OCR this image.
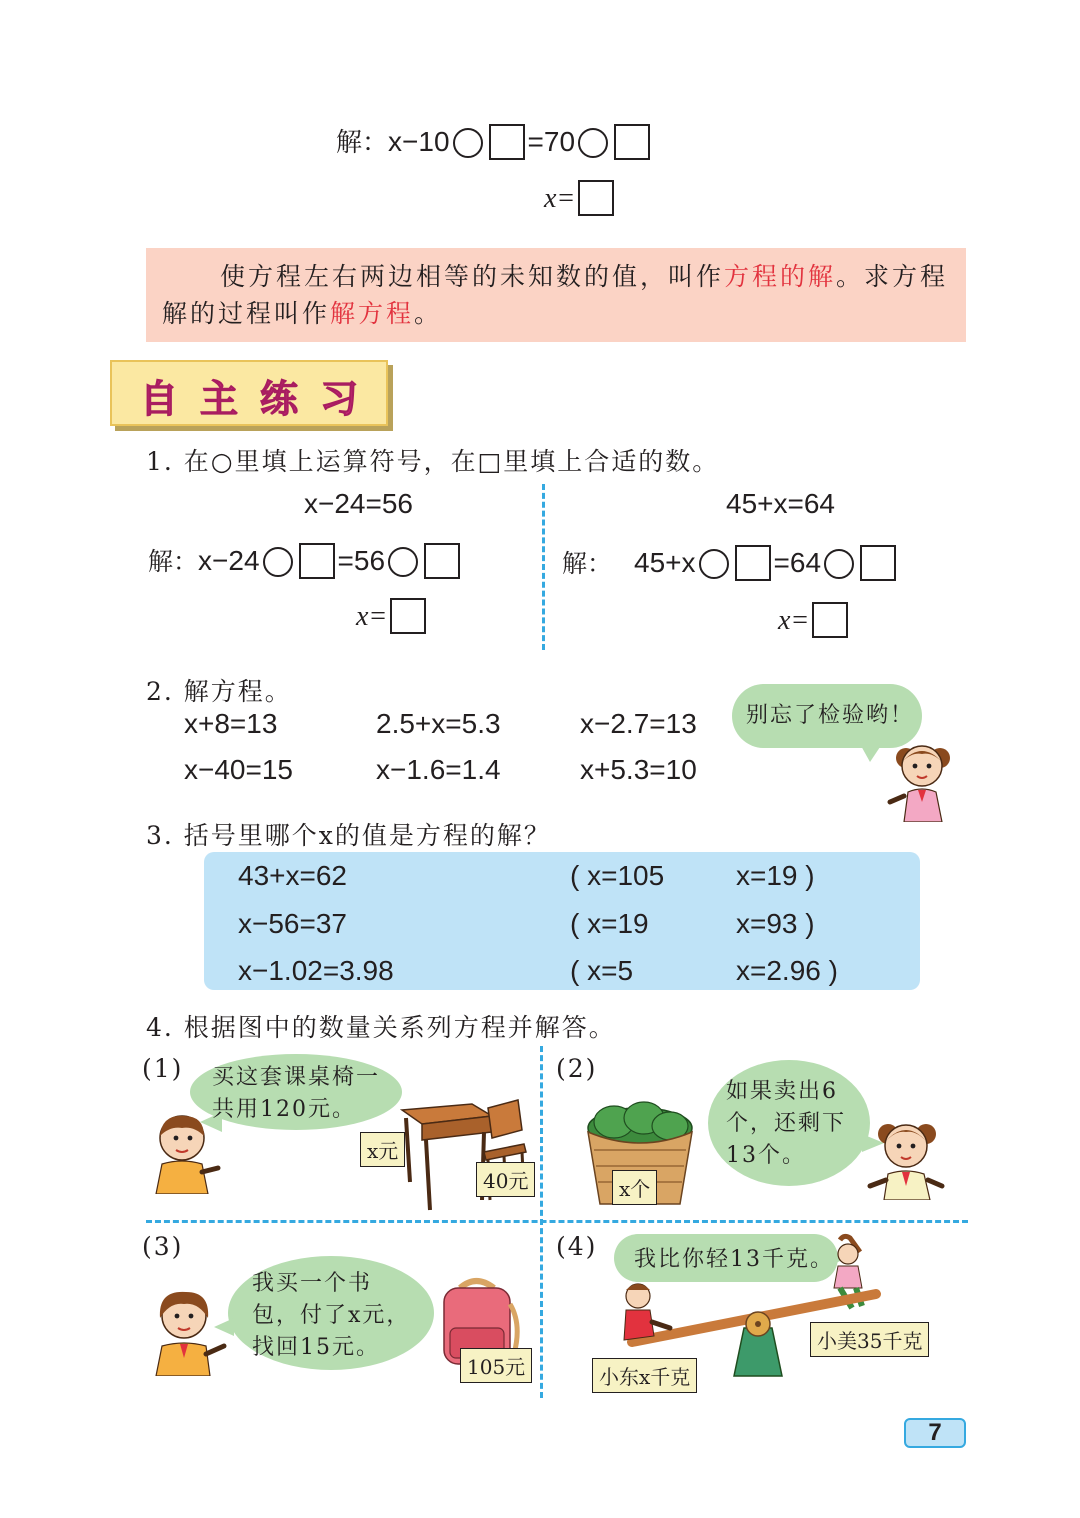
解：x−10	=70
x=
使方程左右两边相等的未知数的值，叫作方程的解。求方程解的过程叫作解方程。
自主练习
1. 在○里填上运算符号，在□里填上合适的数。
x−24=56
解：x−24	=56
x=
45+x=64
解： 45+x	=64
x=
2. 解方程。
x+8=13	2.5+x=5.3	x−2.7=13
x−40=15	x−1.6=1.4	x+5.3=10
别忘了检验哟！
3. 括号里哪个x的值是方程的解？
43+x=62	( x=105	x=19 )
x−56=37	( x=19	x=93 )
x−1.02=3.98	( x=5	x=2.96 )
4. 根据图中的数量关系列方程并解答。
(1) 买这套课桌椅一共用120元。
x元
40元
(2)
x个
如果卖出6个，还剩下13个。
(3)
我买一个书包，付了x元，找回15元。
105元
(4) 我比你轻13千克。
小东x千克
小美35千克
7
